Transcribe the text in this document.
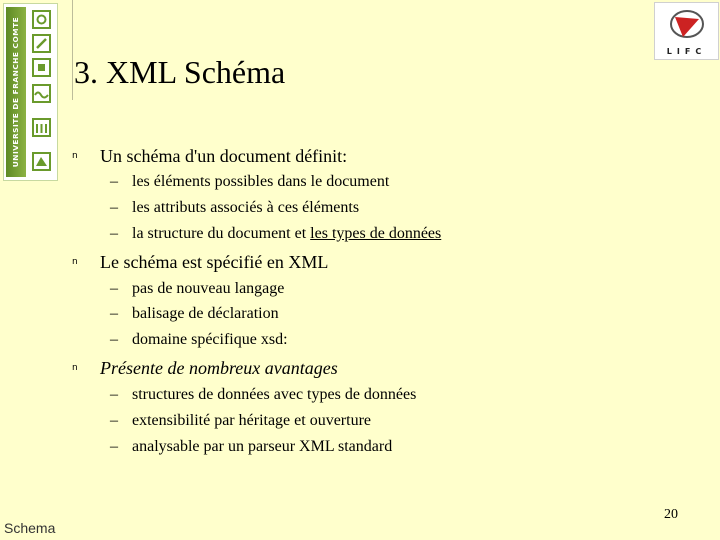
UNIVERSITE DE FRANCHE COMTE	LIFC
3. XML Schéma
n Un schéma d'un document définit:
– les éléments possibles dans le document
– les attributs associés à ces éléments
– la structure du document et les types de données
n Le schéma est spécifié en XML
– pas de nouveau langage
– balisage de déclaration
– domaine spécifique xsd:
n Présente de nombreux avantages
– structures de données avec types de données
– extensibilité par héritage et ouverture
– analysable par un parseur XML standard
Schema
20
